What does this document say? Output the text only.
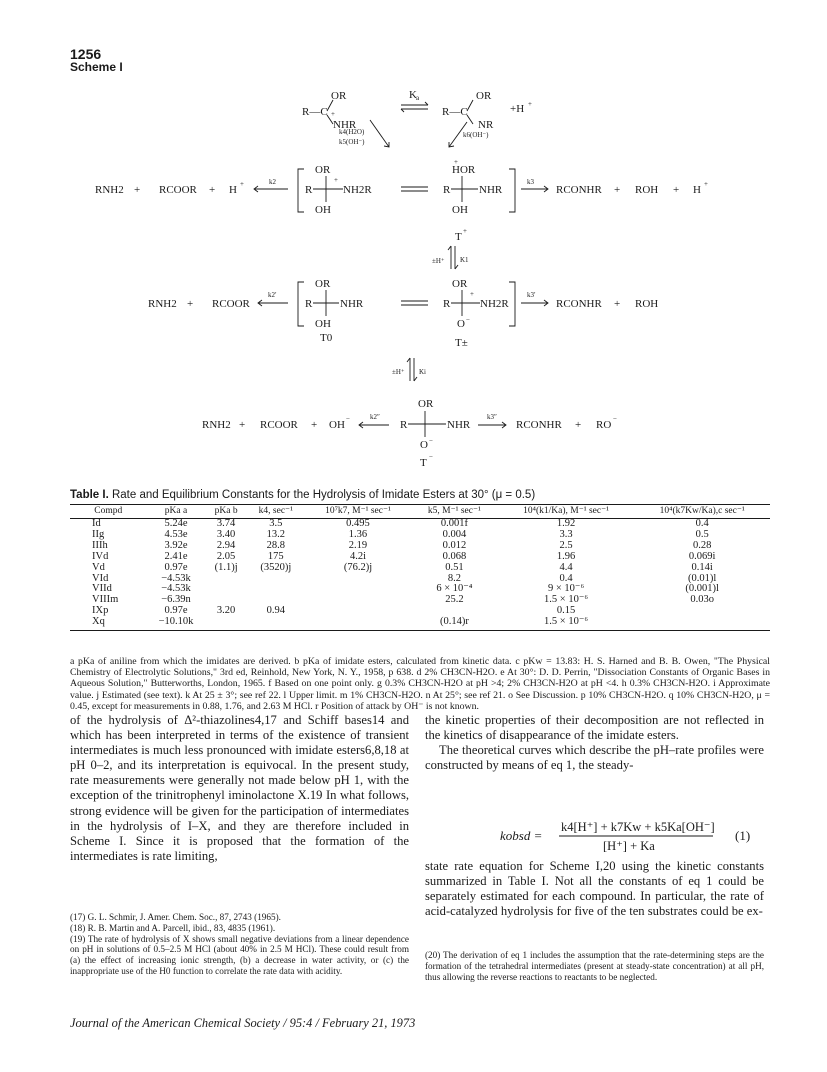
1256
Scheme I
OR
R—C +
NHR
K a
R—C
OR
NR
+H +
k4(H2O)
k5(OH⁻)
k6(OH⁻)
RNH2 + RCOOR + H +	k2
OR
R
+
NH2R
OH
+
HOR
R	NHR
OH
k3
RCONHR + ROH + H +
T +
±H⁺ K1
RNH2 + RCOOR
k2′
OR
R	NHR
OH
T0
OR
R
+
NH2R
O −
T±
k3′
RCONHR + ROH
±H⁺ Ki
RNH2 + RCOOR + OH −	k2″
OR
R	NHR
O −
T −
k3″
RCONHR + RO −
Table I. Rate and Equilibrium Constants for the Hydrolysis of Imidate Esters at 30° (μ = 0.5)
Compd	pKa a	pKa b	k4, sec⁻¹	10⁷k7, M⁻¹ sec⁻¹	k5, M⁻¹ sec⁻¹	10⁴(k1/Ka), M⁻¹ sec⁻¹	10⁴(k7Kw/Ka),c sec⁻¹
Id	5.24e	3.74	3.5	0.495	0.001f	1.92	0.4
IIg	4.53e	3.40	13.2	1.36	0.004	3.3	0.5
IIIh	3.92e	2.94	28.8	2.19	0.012	2.5	0.28
IVd	2.41e	2.05	175	4.2i	0.068	1.96	0.069i
Vd	0.97e	(1.1)j	(3520)j	(76.2)j	0.51	4.4	0.14i
VId	−4.53k				8.2	0.4	(0.01)l
VIId	−4.53k				6 × 10⁻⁴	9 × 10⁻⁶	(0.001)l
VIIIm	−6.39n				25.2	1.5 × 10⁻⁶	0.03o
IXp	0.97e	3.20	0.94			0.15	
Xq	−10.10k				(0.14)r	1.5 × 10⁻⁶	
a pKa of aniline from which the imidates are derived. b pKa of imidate esters, calculated from kinetic data. c pKw = 13.83: H. S. Harned and B. B. Owen, "The Physical Chemistry of Electrolytic Solutions," 3rd ed, Reinhold, New York, N. Y., 1958, p 638. d 2% CH3CN-H2O. e At 30°: D. D. Perrin, "Dissociation Constants of Organic Bases in Aqueous Solution," Butterworths, London, 1965. f Based on one point only. g 0.3% CH3CN-H2O at pH >4; 2% CH3CN-H2O at pH <4. h 0.3% CH3CN-H2O. i Approximate value. j Estimated (see text). k At 25 ± 3°; see ref 22. l Upper limit. m 1% CH3CN-H2O. n At 25°; see ref 21. o See Discussion. p 10% CH3CN-H2O. q 10% CH3CN-H2O, μ = 0.45, except for measurements in 0.88, 1.76, and 2.63 M HCl. r Position of attack by OH⁻ is not known.

of the hydrolysis of Δ²-thiazolines4,17 and Schiff bases14 and which has been interpreted in terms of the existence of transient intermediates is much less pronounced with imidate esters6,8,18 at pH 0–2, and its interpretation is equivocal. In the present study, rate measurements were generally not made below pH 1, with the exception of the trinitrophenyl iminolactone X.19 In what follows, strong evidence will be given for the participation of intermediates in the hydrolysis of I–X, and they are therefore included in Scheme I. Since it is proposed that the formation of the intermediates is rate limiting,

(17) G. L. Schmir, J. Amer. Chem. Soc., 87, 2743 (1965).

(18) R. B. Martin and A. Parcell, ibid., 83, 4835 (1961).

(19) The rate of hydrolysis of X shows small negative deviations from a linear dependence on pH in solutions of 0.5–2.5 M HCl (about 40% in 2.5 M HCl). These could result from (a) the effect of increasing ionic strength, (b) a decrease in water activity, or (c) the inappropriate use of the H0 function to correlate the rate data with acidity.

the kinetic properties of their decomposition are not reflected in the kinetics of disappearance of the imidate esters.

The theoretical curves which describe the pH–rate profiles were constructed by means of eq 1, the steady-

kobsd =
k4[H⁺] + k7Kw + k5Ka[OH⁻]
[H⁺] + Ka
(1)
state rate equation for Scheme I,20 using the kinetic constants summarized in Table I. Not all the constants of eq 1 could be separately estimated for each compound. In particular, the rate of acid-catalyzed hydrolysis for five of the ten substrates could be ex-
(20) The derivation of eq 1 includes the assumption that the rate-determining steps are the formation of the tetrahedral intermediates (present at steady-state concentration) at all pH, thus allowing the reverse reactions to reactants to be neglected.
Journal of the American Chemical Society / 95:4 / February 21, 1973
